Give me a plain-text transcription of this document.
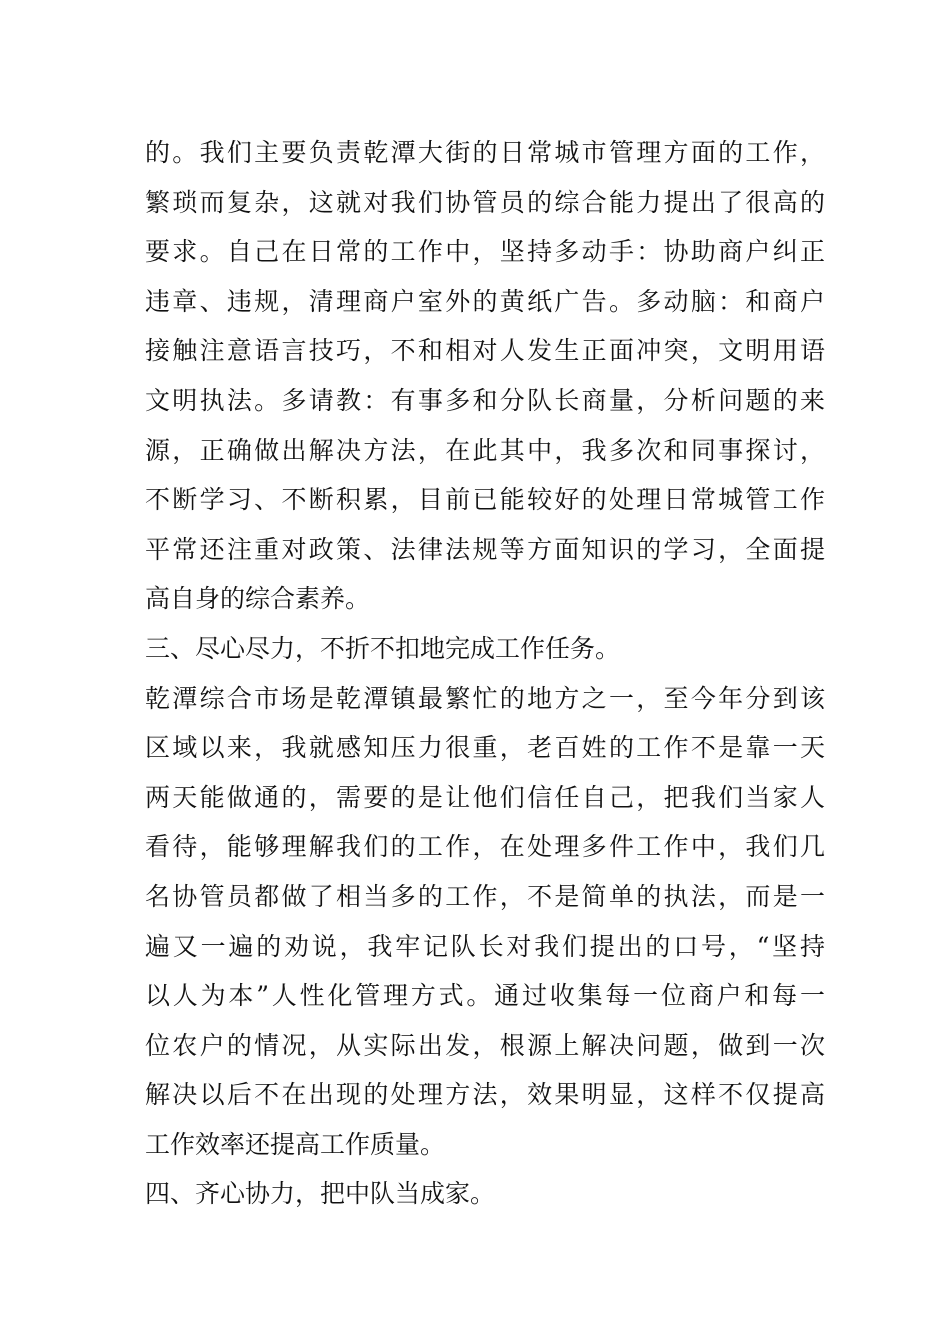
的。我们主要负责乾潭大街的日常城市管理方面的工作，
繁琐而复杂，这就对我们协管员的综合能力提出了很高的
要求。自己在日常的工作中，坚持多动手：协助商户纠正
违章、违规，清理商户室外的黄纸广告。多动脑：和商户
接触注意语言技巧，不和相对人发生正面冲突，文明用语
文明执法。多请教：有事多和分队长商量，分析问题的来
源，正确做出解决方法，在此其中，我多次和同事探讨，
不断学习、不断积累，目前已能较好的处理日常城管工作
平常还注重对政策、法律法规等方面知识的学习，全面提
高自身的综合素养。
三、尽心尽力，不折不扣地完成工作任务。
乾潭综合市场是乾潭镇最繁忙的地方之一，至今年分到该
区域以来，我就感知压力很重，老百姓的工作不是靠一天
两天能做通的，需要的是让他们信任自己，把我们当家人
看待，能够理解我们的工作，在处理多件工作中，我们几
名协管员都做了相当多的工作，不是简单的执法，而是一
遍又一遍的劝说，我牢记队长对我们提出的口号，“坚持
以人为本”人性化管理方式。通过收集每一位商户和每一
位农户的情况，从实际出发，根源上解决问题，做到一次
解决以后不在出现的处理方法，效果明显，这样不仅提高
工作效率还提高工作质量。
四、齐心协力，把中队当成家。
